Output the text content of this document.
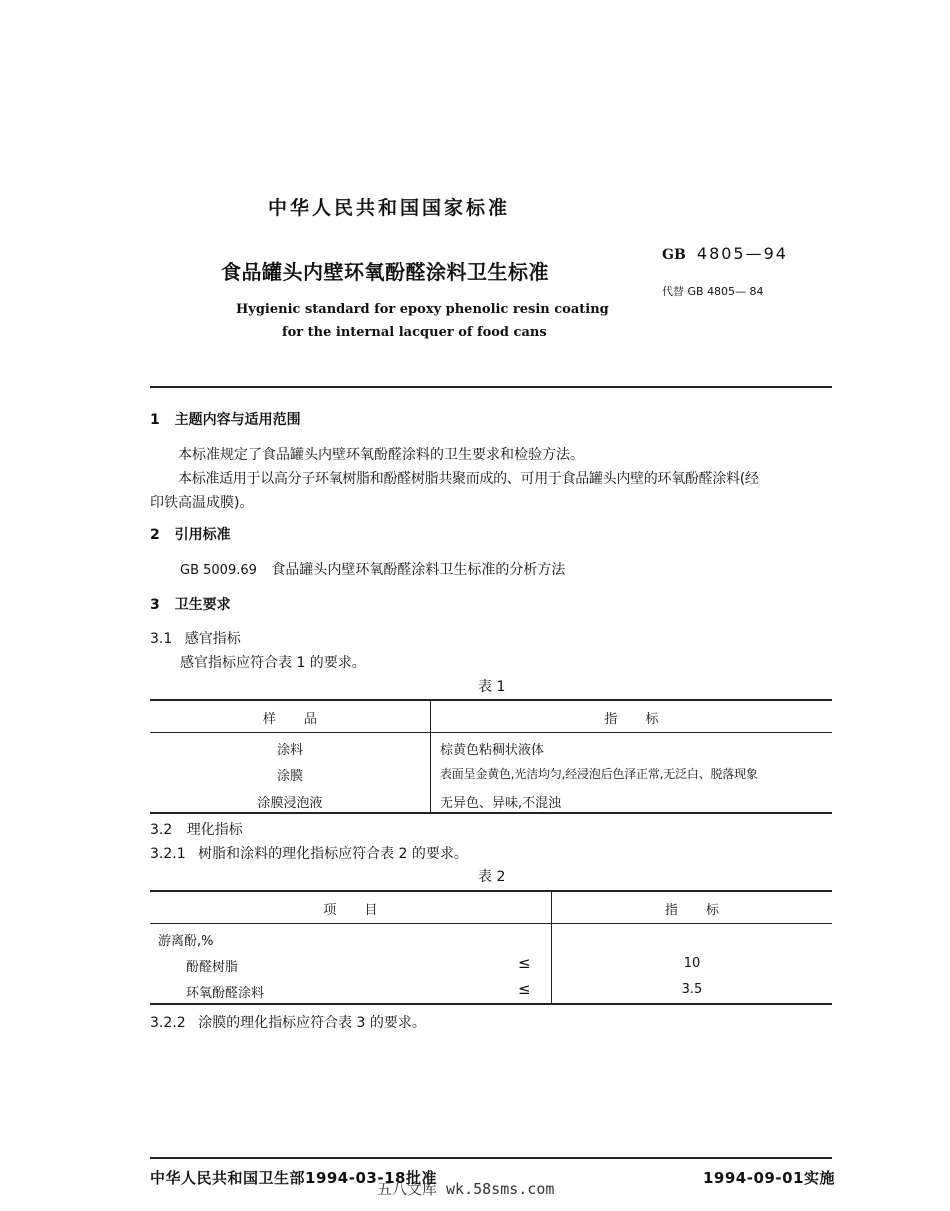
中华人民共和国国家标准
食品罐头内壁环氧酚醛涂料卫生标准
Hygienic standard for epoxy phenolic resin coating
for the internal lacquer of food cans
GB 4805—94
代替 GB 4805— 84
1 主题内容与适用范围
本标准规定了食品罐头内壁环氧酚醛涂料的卫生要求和检验方法。
本标准适用于以高分子环氧树脂和酚醛树脂共聚而成的、可用于食品罐头内壁的环氧酚醛涂料(经
印铁高温成膜)。
2 引用标准
GB 5009.69 食品罐头内壁环氧酚醛涂料卫生标准的分析方法
3 卫生要求
3.1 感官指标
感官指标应符合表 1 的要求。
表 1
样 品	指 标
涂料	棕黄色粘稠状液体
涂膜	表面呈金黄色,光洁均匀,经浸泡后色泽正常,无泛白、脱落现象
涂膜浸泡液	无异色、异味,不混浊
3.2 理化指标
3.2.1 树脂和涂料的理化指标应符合表 2 的要求。
表 2
项 目	指 标
游离酚,%
酚醛树脂	≤	10
环氧酚醛涂料	≤	3.5
3.2.2 涂膜的理化指标应符合表 3 的要求。
中华人民共和国卫生部1994-03-18批准
五八文库 wk.58sms.com
1994-09-01实施
